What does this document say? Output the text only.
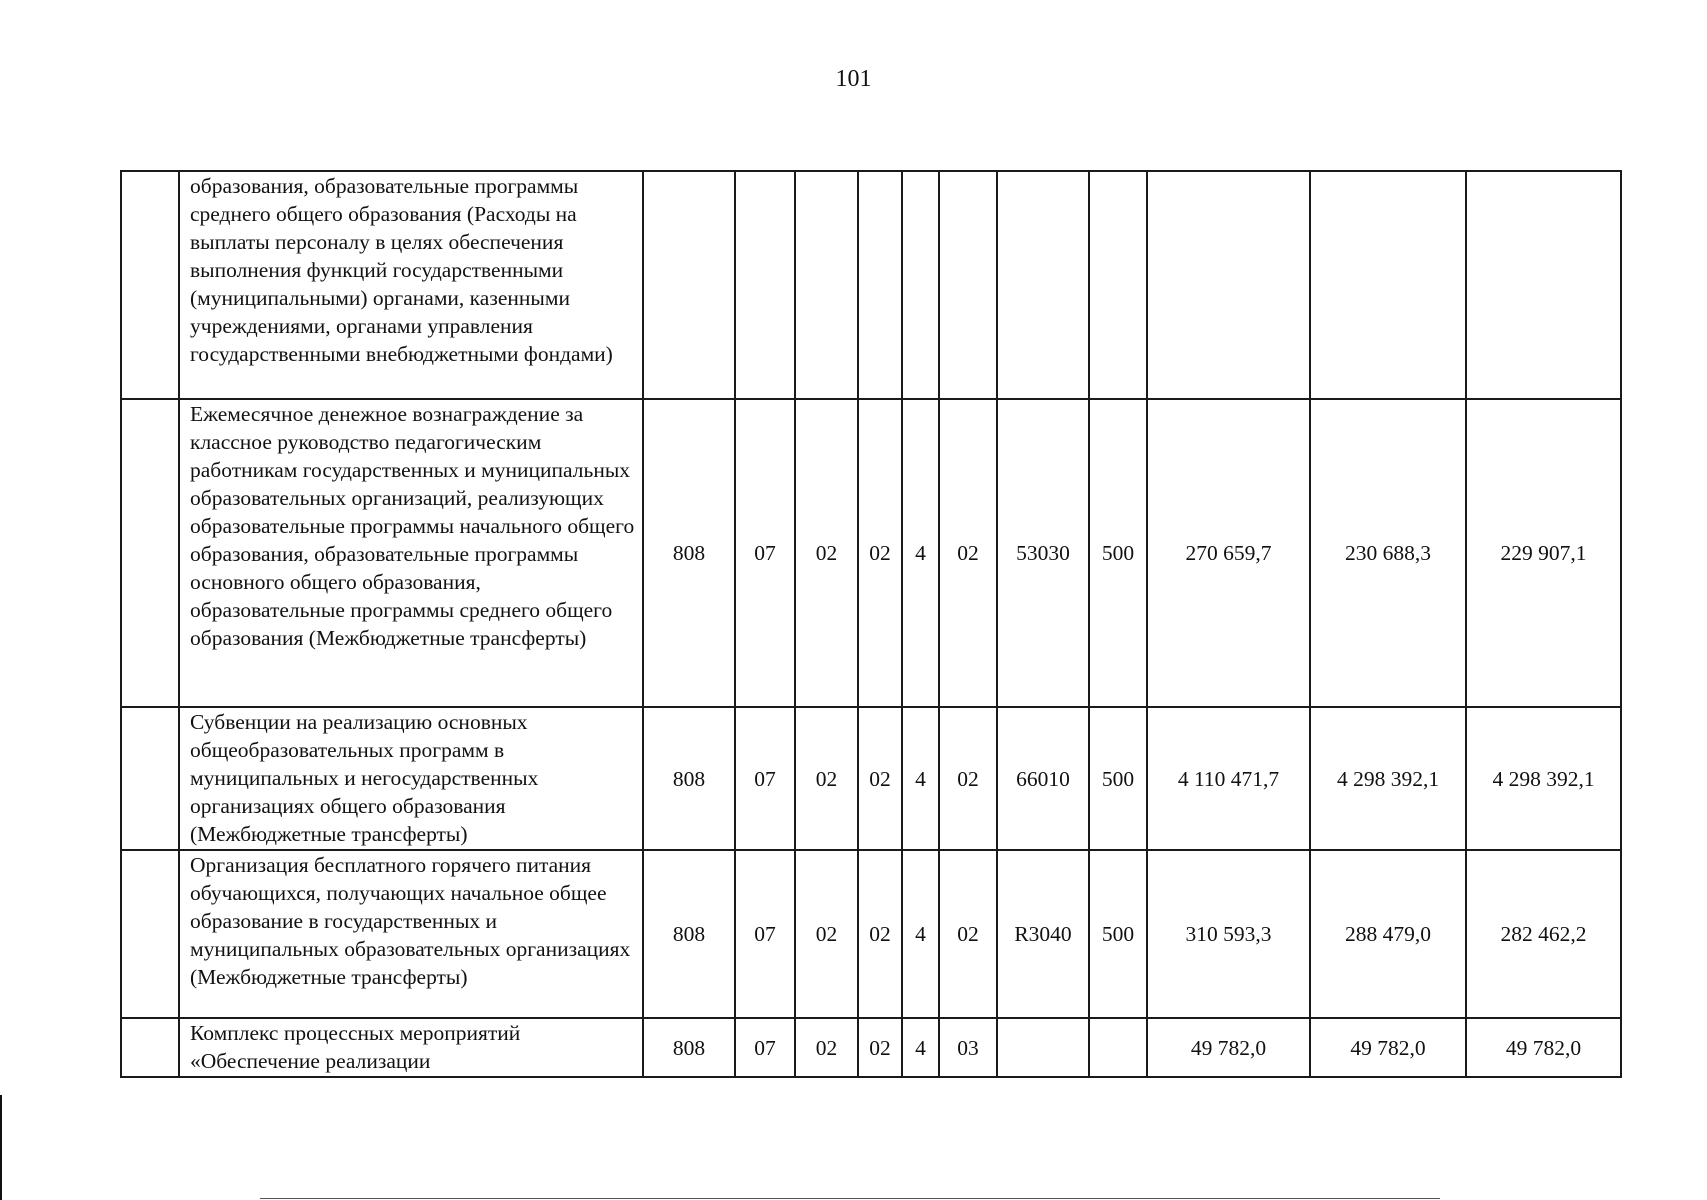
101
	образования, образовательные программы среднего общего образования (Расходы на выплаты персоналу в целях обеспечения выполнения функций государственными (муниципальными) органами, казенными учреждениями, органами управления государственными внебюджетными фондами)											
	Ежемесячное денежное вознаграждение за классное руководство педагогическим работникам государственных и муниципальных образовательных организаций, реализующих образовательные программы начального общего образования, образовательные программы основного общего образования, образовательные программы среднего общего образования (Межбюджетные трансферты)	808	07	02	02	4	02	53030	500	270 659,7	230 688,3	229 907,1
	Субвенции на реализацию основных общеобразовательных программ в муниципальных и негосударственных организациях общего образования (Межбюджетные трансферты)	808	07	02	02	4	02	66010	500	4 110 471,7	4 298 392,1	4 298 392,1
	Организация бесплатного горячего питания обучающихся, получающих начальное общее образование в государственных и муниципальных образовательных организациях (Межбюджетные трансферты)	808	07	02	02	4	02	R3040	500	310 593,3	288 479,0	282 462,2
	Комплекс процессных мероприятий «Обеспечение реализации	808	07	02	02	4	03			49 782,0	49 782,0	49 782,0
